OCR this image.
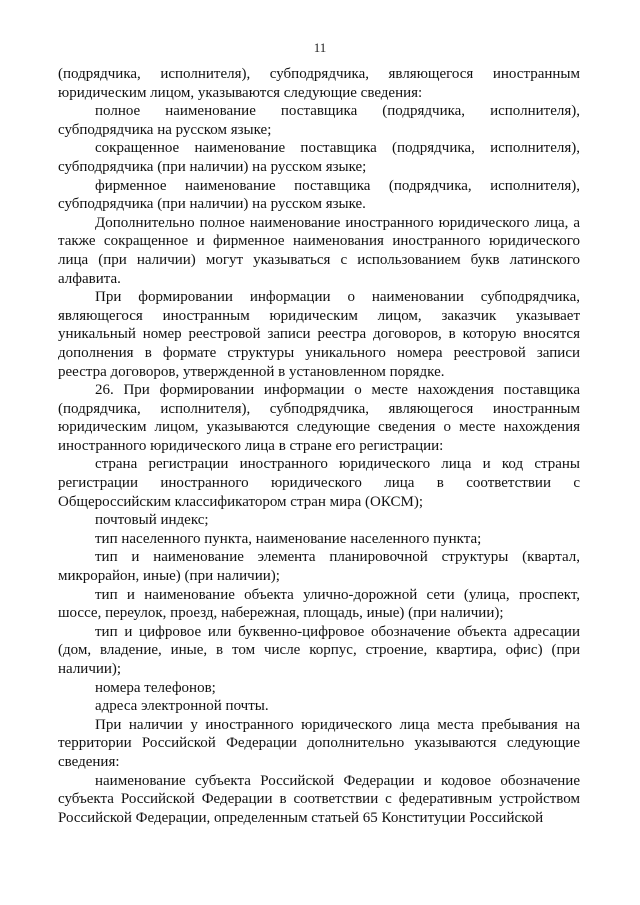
11

(подрядчика, исполнителя), субподрядчика, являющегося иностранным юридическим лицом, указываются следующие сведения:

полное наименование поставщика (подрядчика, исполнителя), субподрядчика на русском языке;

сокращенное наименование поставщика (подрядчика, исполнителя), субподрядчика (при наличии) на русском языке;

фирменное наименование поставщика (подрядчика, исполнителя), субподрядчика (при наличии) на русском языке.

Дополнительно полное наименование иностранного юридического лица, а также сокращенное и фирменное наименования иностранного юридического лица (при наличии) могут указываться с использованием букв латинского алфавита.

При формировании информации о наименовании субподрядчика, являющегося иностранным юридическим лицом, заказчик указывает уникальный номер реестровой записи реестра договоров, в которую вносятся дополнения в формате структуры уникального номера реестровой записи реестра договоров, утвержденной в установленном порядке.

26. При формировании информации о месте нахождения поставщика (подрядчика, исполнителя), субподрядчика, являющегося иностранным юридическим лицом, указываются следующие сведения о месте нахождения иностранного юридического лица в стране его регистрации:

страна регистрации иностранного юридического лица и код страны регистрации иностранного юридического лица в соответствии с Общероссийским классификатором стран мира (ОКСМ);

почтовый индекс;

тип населенного пункта, наименование населенного пункта;

тип и наименование элемента планировочной структуры (квартал, микрорайон, иные) (при наличии);

тип и наименование объекта улично-дорожной сети (улица, проспект, шоссе, переулок, проезд, набережная, площадь, иные) (при наличии);

тип и цифровое или буквенно-цифровое обозначение объекта адресации (дом, владение, иные, в том числе корпус, строение, квартира, офис) (при наличии);

номера телефонов;

адреса электронной почты.

При наличии у иностранного юридического лица места пребывания на территории Российской Федерации дополнительно указываются следующие сведения:

наименование субъекта Российской Федерации и кодовое обозначение субъекта Российской Федерации в соответствии с федеративным устройством Российской Федерации, определенным статьей 65 Конституции Российской
